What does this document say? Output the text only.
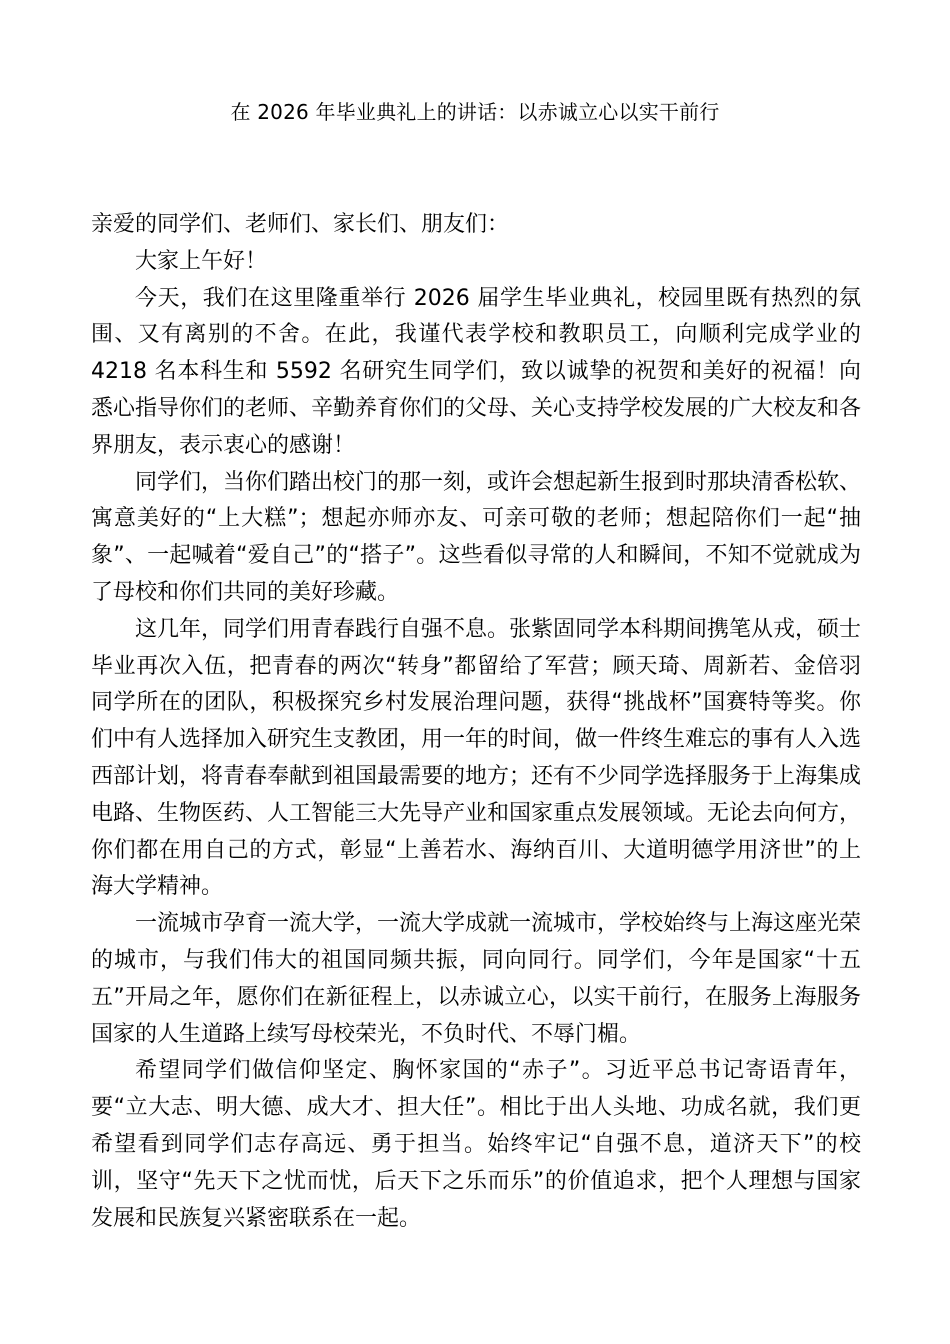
在 2026 年毕业典礼上的讲话：以赤诚立心以实干前行

亲爱的同学们、老师们、家长们、朋友们：

大家上午好！

今天，我们在这里隆重举行 2026 届学生毕业典礼，校园里既有热烈的氛围、又有离别的不舍。在此，我谨代表学校和教职员工，向顺利完成学业的 4218 名本科生和 5592 名研究生同学们，致以诚挚的祝贺和美好的祝福！向悉心指导你们的老师、辛勤养育你们的父母、关心支持学校发展的广大校友和各界朋友，表示衷心的感谢！

同学们，当你们踏出校门的那一刻，或许会想起新生报到时那块清香松软、寓意美好的“上大糕”；想起亦师亦友、可亲可敬的老师；想起陪你们一起“抽象”、一起喊着“爱自己”的“搭子”。这些看似寻常的人和瞬间，不知不觉就成为了母校和你们共同的美好珍藏。

这几年，同学们用青春践行自强不息。张紫固同学本科期间携笔从戎，硕士毕业再次入伍，把青春的两次“转身”都留给了军营；顾天琦、周新若、金倍羽同学所在的团队，积极探究乡村发展治理问题，获得“挑战杯”国赛特等奖。你们中有人选择加入研究生支教团，用一年的时间，做一件终生难忘的事有人入选西部计划，将青春奉献到祖国最需要的地方；还有不少同学选择服务于上海集成电路、生物医药、人工智能三大先导产业和国家重点发展领域。无论去向何方，你们都在用自己的方式，彰显“上善若水、海纳百川、大道明德学用济世”的上海大学精神。

一流城市孕育一流大学，一流大学成就一流城市，学校始终与上海这座光荣的城市，与我们伟大的祖国同频共振，同向同行。同学们，今年是国家“十五五”开局之年，愿你们在新征程上，以赤诚立心，以实干前行，在服务上海服务国家的人生道路上续写母校荣光，不负时代、不辱门楣。

希望同学们做信仰坚定、胸怀家国的“赤子”。习近平总书记寄语青年，要“立大志、明大德、成大才、担大任”。相比于出人头地、功成名就，我们更希望看到同学们志存高远、勇于担当。始终牢记“自强不息，道济天下”的校训，坚守“先天下之忧而忧，后天下之乐而乐”的价值追求，把个人理想与国家发展和民族复兴紧密联系在一起。
